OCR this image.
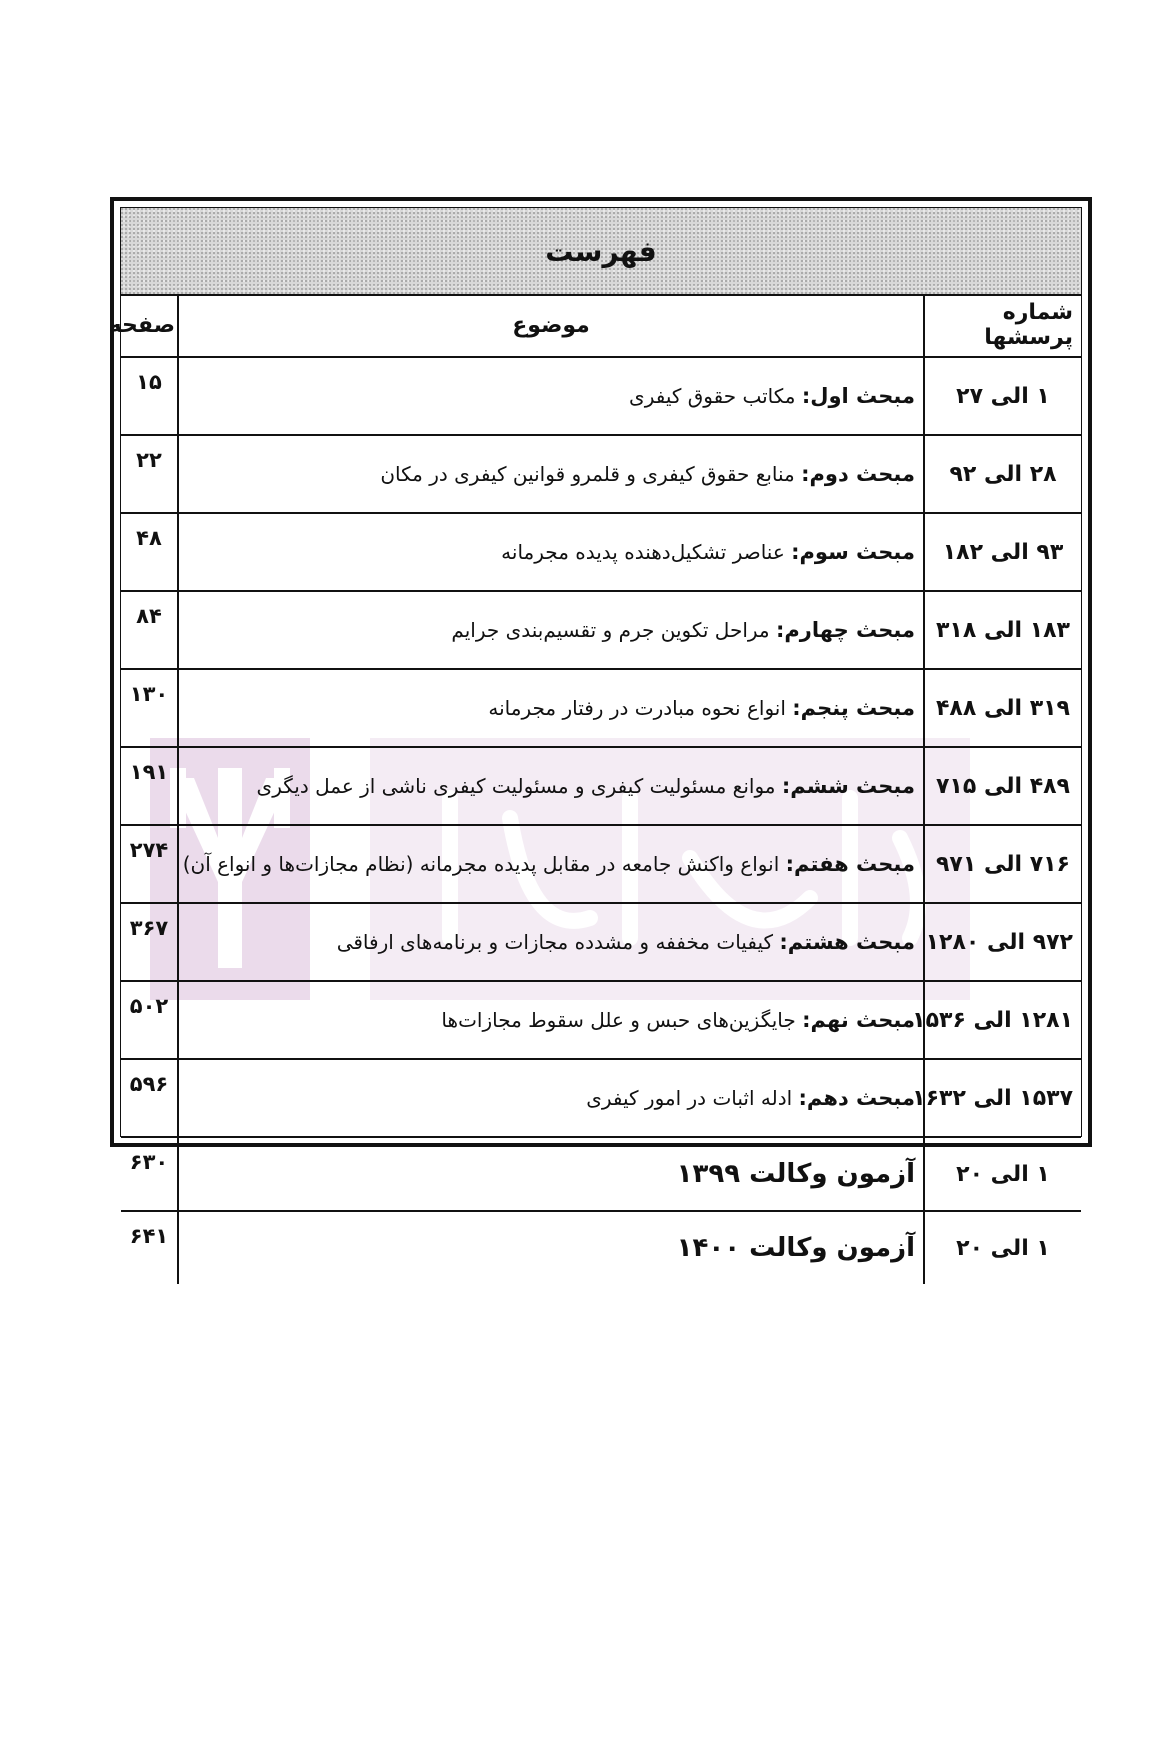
فهرست
شماره پرسشها	موضوع	صفحه
۱ الی ۲۷	مبحث اول: مکاتب حقوق کیفری	۱۵
۲۸ الی ۹۲	مبحث دوم: منابع حقوق کیفری و قلمرو قوانین کیفری در مکان	۲۲
۹۳ الی ۱۸۲	مبحث سوم: عناصر تشکیل‌دهنده پدیده مجرمانه	۴۸
۱۸۳ الی ۳۱۸	مبحث چهارم: مراحل تکوین جرم و تقسیم‌بندی جرایم	۸۴
۳۱۹ الی ۴۸۸	مبحث پنجم: انواع نحوه مبادرت در رفتار مجرمانه	۱۳۰
۴۸۹ الی ۷۱۵	مبحث ششم: موانع مسئولیت کیفری و مسئولیت کیفری ناشی از عمل دیگری	۱۹۱
۷۱۶ الی ۹۷۱	مبحث هفتم: انواع واکنش جامعه در مقابل پدیده مجرمانه (نظام مجازات‌ها و انواع آن)	۲۷۴
۹۷۲ الی ۱۲۸۰	مبحث هشتم: کیفیات مخففه و مشدده مجازات و برنامه‌های ارفاقی	۳۶۷
۱۲۸۱ الی ۱۵۳۶	مبحث نهم: جایگزین‌های حبس و علل سقوط مجازات‌ها	۵۰۲
۱۵۳۷ الی ۱۶۳۲	مبحث دهم: ادله اثبات در امور کیفری	۵۹۶
۱ الی ۲۰	آزمون وکالت ۱۳۹۹	۶۳۰
۱ الی ۲۰	آزمون وکالت ۱۴۰۰	۶۴۱
